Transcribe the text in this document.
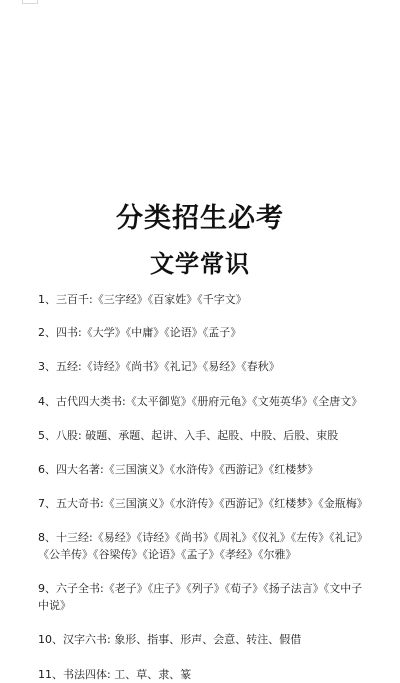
分类招生必考
文学常识
1、三百千:《三字经》《百家姓》《千字文》
2、四书:《大学》《中庸》《论语》《孟子》
3、五经:《诗经》《尚书》《礼记》《易经》《春秋》
4、古代四大类书:《太平御览》《册府元龟》《文苑英华》《全唐文》
5、八股: 破题、承题、起讲、入手、起股、中股、后股、束股
6、四大名著:《三国演义》《水浒传》《西游记》《红楼梦》
7、五大奇书:《三国演义》《水浒传》《西游记》《红楼梦》《金瓶梅》
8、十三经:《易经》《诗经》《尚书》《周礼》《仪礼》《左传》《礼记》
《公羊传》《谷梁传》《论语》《孟子》《孝经》《尔雅》
9、六子全书:《老子》《庄子》《列子》《荀子》《扬子法言》《文中子
中说》
10、汉字六书: 象形、指事、形声、会意、转注、假借
11、书法四体: 工、草、隶、篆
